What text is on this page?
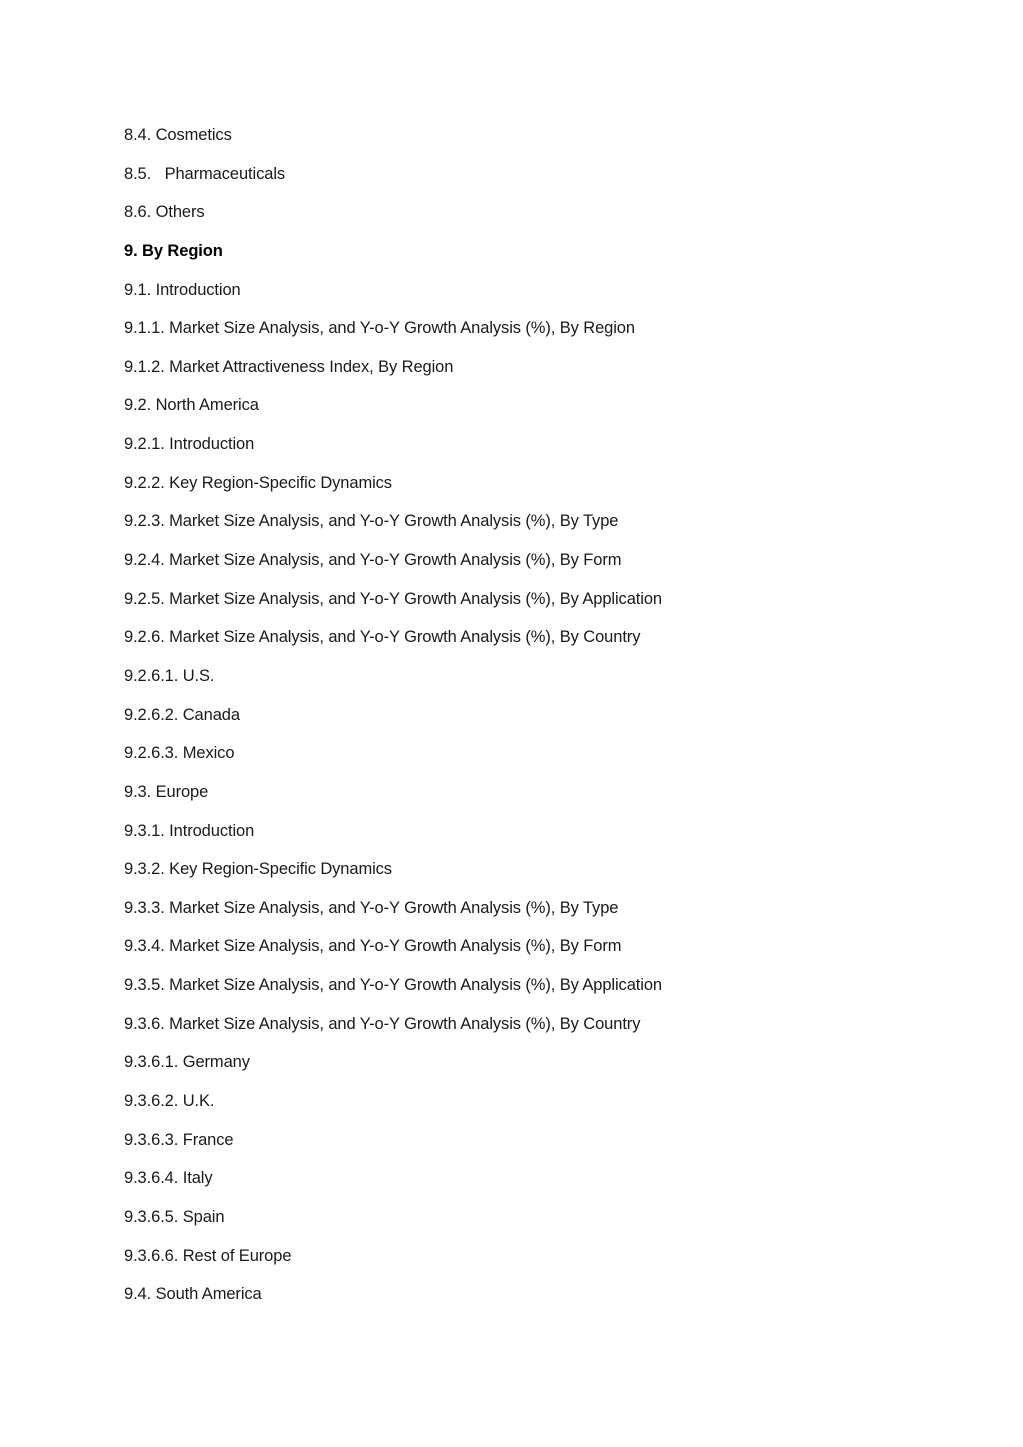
8.4. Cosmetics
8.5.   Pharmaceuticals
8.6. Others
9. By Region
9.1. Introduction
9.1.1. Market Size Analysis, and Y-o-Y Growth Analysis (%), By Region
9.1.2. Market Attractiveness Index, By Region
9.2. North America
9.2.1. Introduction
9.2.2. Key Region-Specific Dynamics
9.2.3. Market Size Analysis, and Y-o-Y Growth Analysis (%), By Type
9.2.4. Market Size Analysis, and Y-o-Y Growth Analysis (%), By Form
9.2.5. Market Size Analysis, and Y-o-Y Growth Analysis (%), By Application
9.2.6. Market Size Analysis, and Y-o-Y Growth Analysis (%), By Country
9.2.6.1. U.S.
9.2.6.2. Canada
9.2.6.3. Mexico
9.3. Europe
9.3.1. Introduction
9.3.2. Key Region-Specific Dynamics
9.3.3. Market Size Analysis, and Y-o-Y Growth Analysis (%), By Type
9.3.4. Market Size Analysis, and Y-o-Y Growth Analysis (%), By Form
9.3.5. Market Size Analysis, and Y-o-Y Growth Analysis (%), By Application
9.3.6. Market Size Analysis, and Y-o-Y Growth Analysis (%), By Country
9.3.6.1. Germany
9.3.6.2. U.K.
9.3.6.3. France
9.3.6.4. Italy
9.3.6.5. Spain
9.3.6.6. Rest of Europe
9.4. South America
